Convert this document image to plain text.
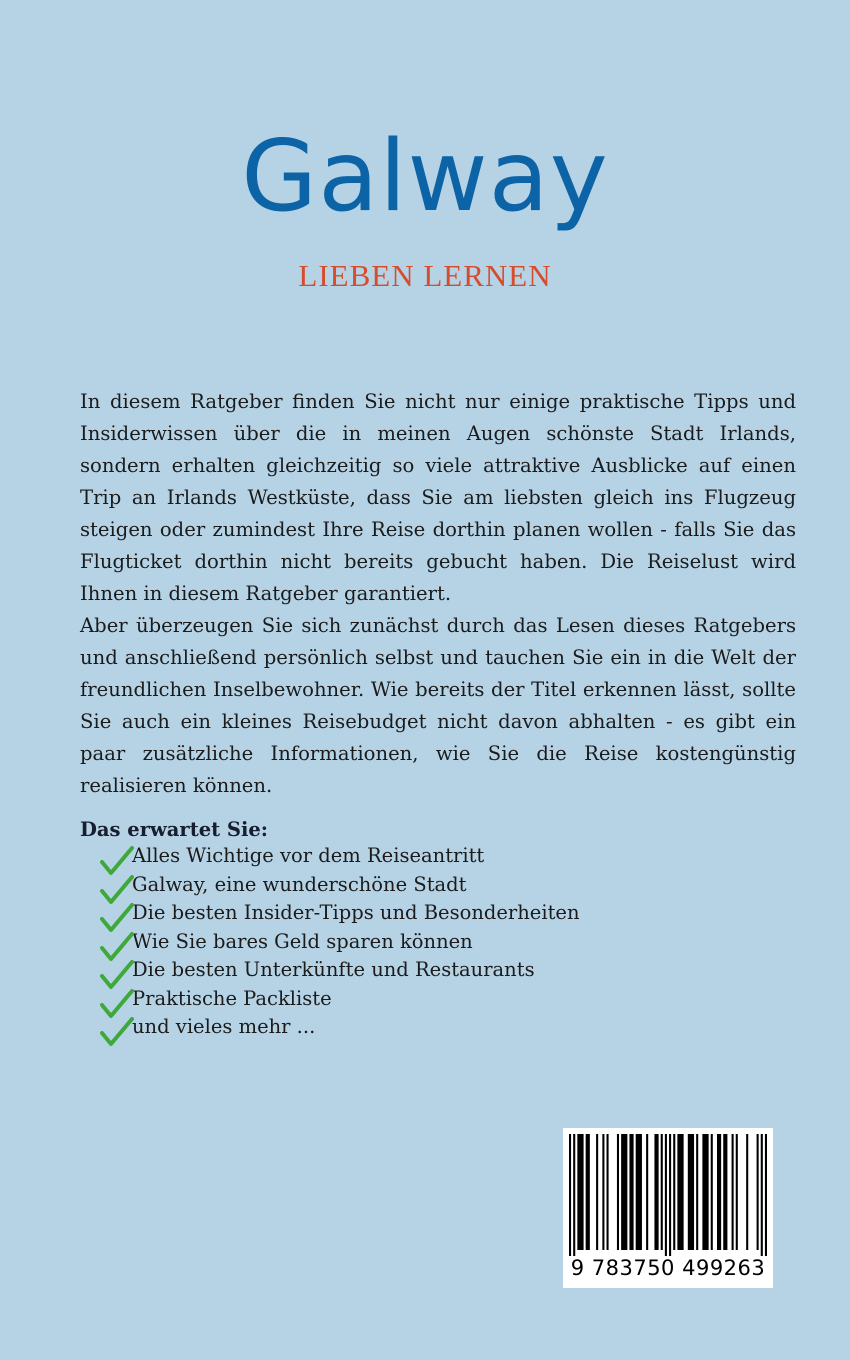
Galway
LIEBEN LERNEN

In diesem Ratgeber finden Sie nicht nur einige praktische Tipps und Insiderwissen über die in meinen Augen schönste Stadt Irlands, sondern erhalten gleichzeitig so viele attraktive Ausblicke auf einen Trip an Irlands Westküste, dass Sie am liebsten gleich ins Flugzeug steigen oder zumindest Ihre Reise dorthin planen wollen - falls Sie das Flugticket dorthin nicht bereits gebucht haben. Die Reiselust wird Ihnen in diesem Ratgeber garantiert.
Aber überzeugen Sie sich zunächst durch das Lesen dieses Ratgebers und anschließend persönlich selbst und tauchen Sie ein in die Welt der freundlichen Inselbewohner. Wie bereits der Titel erkennen lässt, sollte Sie auch ein kleines Reisebudget nicht davon abhalten - es gibt ein paar zusätzliche Informationen, wie Sie die Reise kostengünstig realisieren können.

Das erwartet Sie:
Alles Wichtige vor dem Reiseantritt
Galway, eine wunderschöne Stadt
Die besten Insider-Tipps und Besonderheiten
Wie Sie bares Geld sparen können
Die besten Unterkünfte und Restaurants
Praktische Packliste
und vieles mehr ...
9 783750 499263
